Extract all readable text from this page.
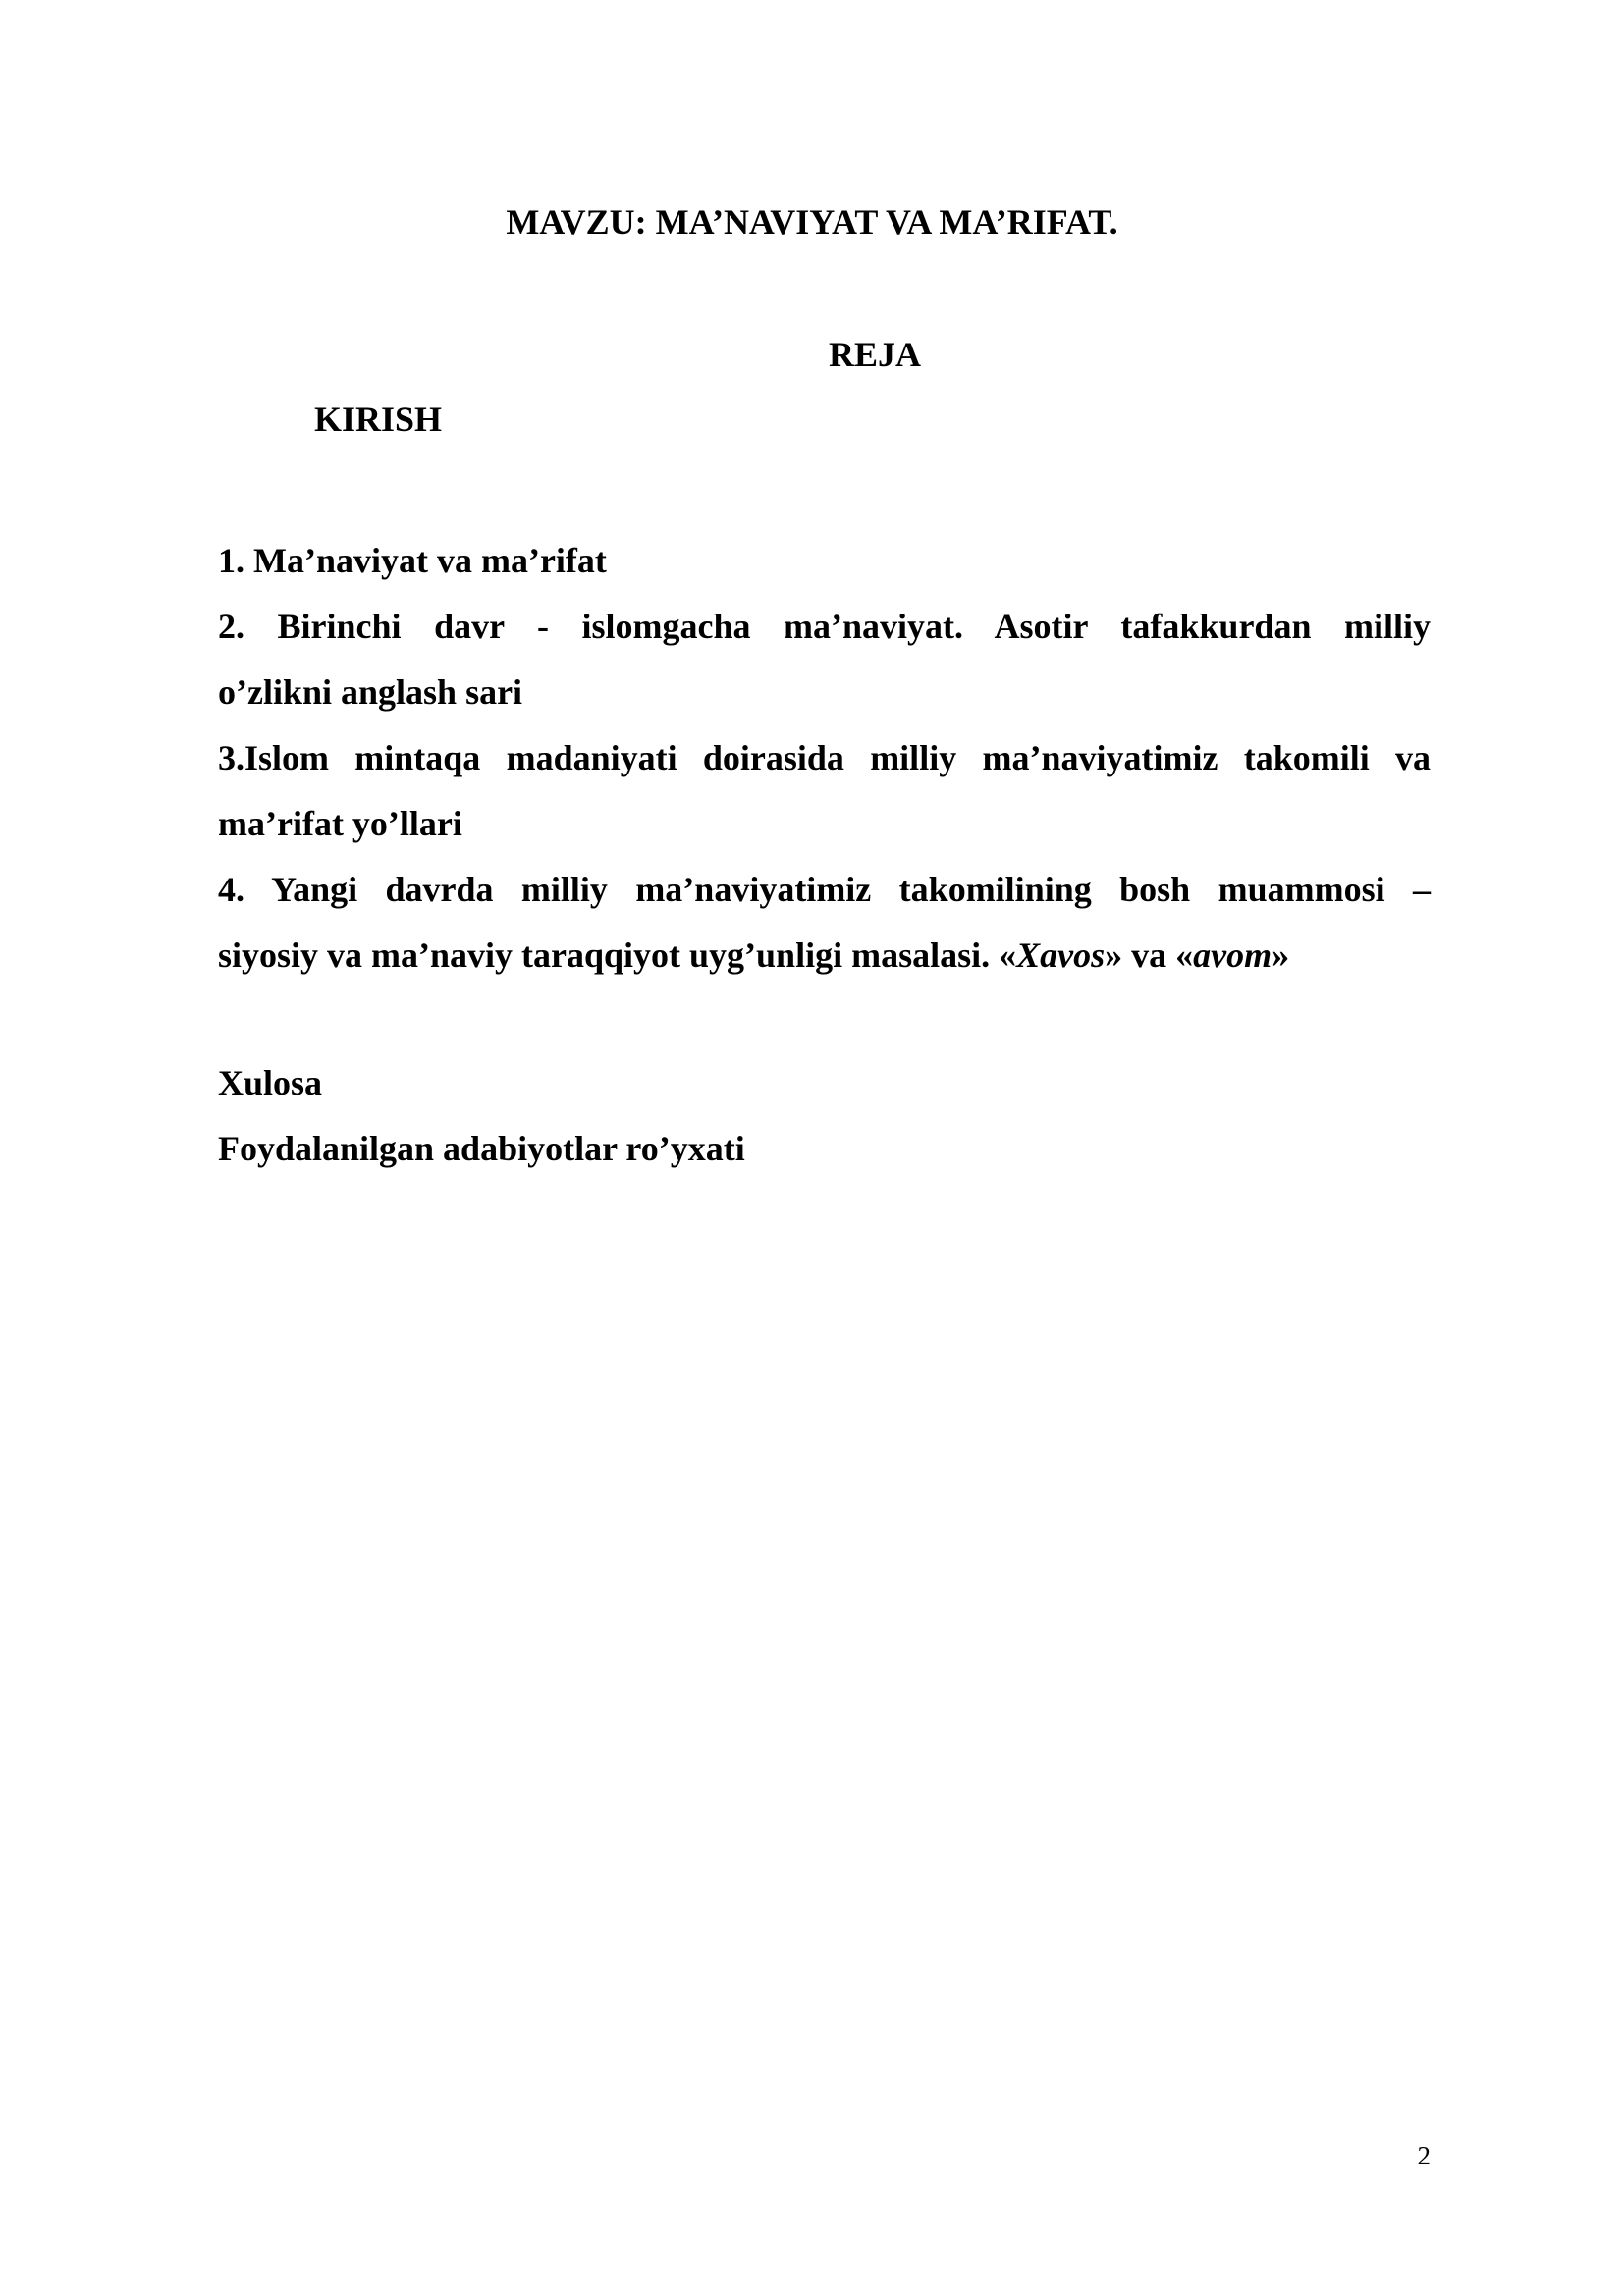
MAVZU: MA’NAVIYAT VA MA’RIFAT.
REJA
KIRISH

1. Ma’naviyat va ma’rifat

2. Birinchi davr - islomgacha ma’naviyat. Asotir tafakkurdan milliy
o’zlikni anglash sari

3.Islom mintaqa madaniyati doirasida milliy ma’naviyatimiz takomili va
ma’rifat yo’llari

4. Yangi davrda milliy ma’naviyatimiz takomilining bosh muammosi –
siyosiy va ma’naviy taraqqiyot uyg’unligi masalasi. «Xavos» va «avom»

Xulosa
Foydalanilgan adabiyotlar ro’yxati
2
